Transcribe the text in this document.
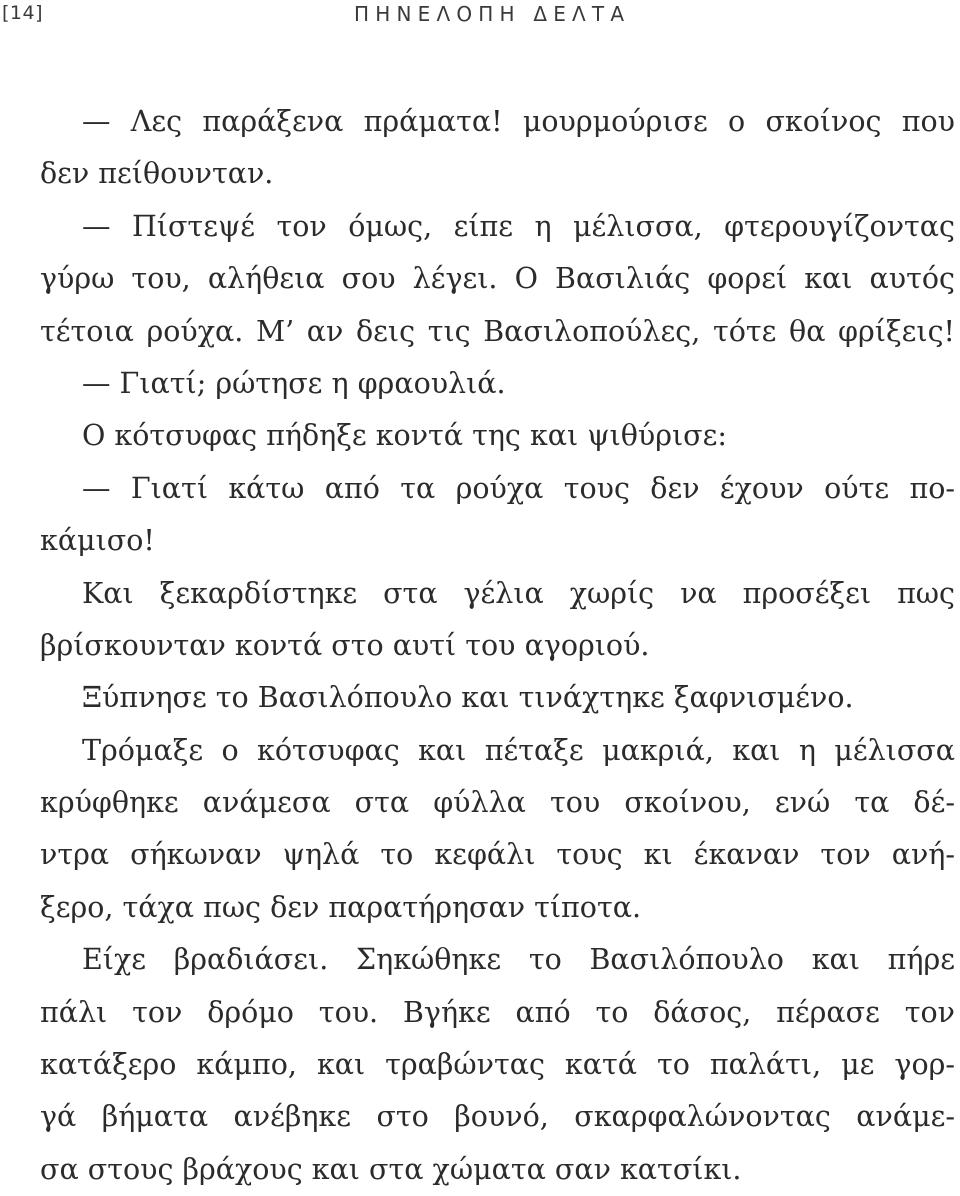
[14]	ΠΗΝΕΛΟΠΗ ΔΕΛΤΑ
— Λες παράξενα πράματα! μουρμούρισε ο σκοίνος που
δεν πείθουνταν.
— Πίστεψέ τον όμως, είπε η μέλισσα, φτερουγίζοντας
γύρω του, αλήθεια σου λέγει. Ο Βασιλιάς φορεί και αυτός
τέτοια ρούχα. Μ’ αν δεις τις Βασιλοπούλες, τότε θα φρίξεις!
— Γιατί; ρώτησε η φραουλιά.
Ο κότσυφας πήδηξε κοντά της και ψιθύρισε:
— Γιατί κάτω από τα ρούχα τους δεν έχουν ούτε πο-
κάμισο!
Και ξεκαρδίστηκε στα γέλια χωρίς να προσέξει πως
βρίσκουνταν κοντά στο αυτί του αγοριού.
Ξύπνησε το Βασιλόπουλο και τινάχτηκε ξαφνισμένο.
Τρόμαξε ο κότσυφας και πέταξε μακριά, και η μέλισσα
κρύφθηκε ανάμεσα στα φύλλα του σκοίνου, ενώ τα δέ-
ντρα σήκωναν ψηλά το κεφάλι τους κι έκαναν τον ανή-
ξερο, τάχα πως δεν παρατήρησαν τίποτα.
Είχε βραδιάσει. Σηκώθηκε το Βασιλόπουλο και πήρε
πάλι τον δρόμο του. Βγήκε από το δάσος, πέρασε τον
κατάξερο κάμπο, και τραβώντας κατά το παλάτι, με γορ-
γά βήματα ανέβηκε στο βουνό, σκαρφαλώνοντας ανάμε-
σα στους βράχους και στα χώματα σαν κατσίκι.
